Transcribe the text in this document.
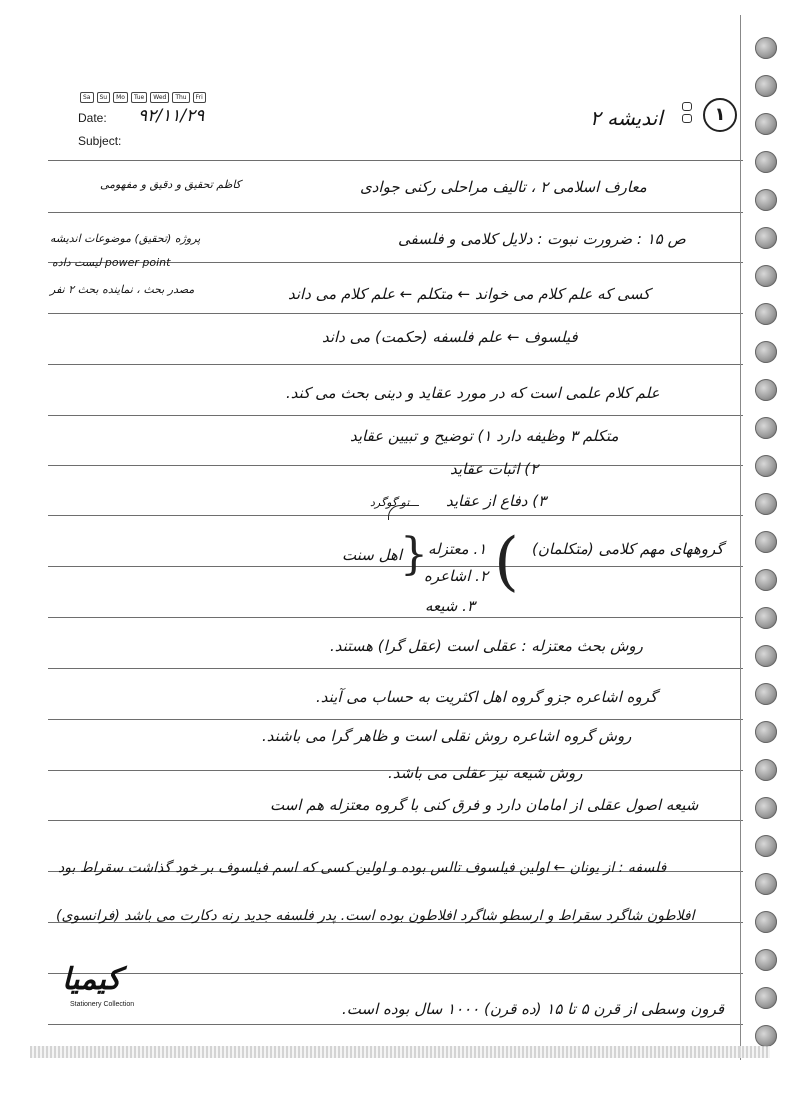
Sa	Su	Mo	Tue	Wed	Thu	Fri
Date: ۹۲/۱۱/۲۹
Subject:
اندیشه ۲	۱
معارف اسلامی ۲ ، تالیف مراحلی رکنی جوادی
کاظم تحقیق و دقیق و مفهومی
ص ۱۵ : ضرورت نبوت : دلایل کلامی و فلسفی
پروژه (تحقیق) موضوعات اندیشه
power point لیست داده
مصدر بحث ، نماینده بحث ۲ نفر	کسی که علم کلام می خواند ← متکلم ← علم کلام می داند
فیلسوف ← علم فلسفه (حکمت) می داند
علم کلام علمی است که در مورد عقاید و دینی بحث می کند.
متکلم ۳ وظیفه دارد ۱) توضیح و تبیین عقاید
۲) اثبات عقاید
۳) دفاع از عقاید
تو گوگرد
گروههای مهم کلامی (متکلمان)
(
۱. معتزله
۲. اشاعره
۳. شیعه
}
اهل سنت
روش بحث معتزله : عقلی است (عقل گرا) هستند.
گروه اشاعره جزو گروه اهل اکثریت به حساب می آیند.
روش گروه اشاعره روش نقلی است و ظاهر گرا می باشند.
روش شیعه نیز عقلی می باشد.
شیعه اصول عقلی از امامان دارد و فرق کنی با گروه معتزله هم است
فلسفه : از یونان ← اولین فیلسوف تالس بوده و اولین کسی که اسم فیلسوف بر خود گذاشت سقراط بود
افلاطون شاگرد سقراط و ارسطو شاگرد افلاطون بوده است. پدر فلسفه جدید رنه دکارت می باشد (فرانسوی)
قرون وسطی از قرن ۵ تا ۱۵ (ده قرن) ۱۰۰۰ سال بوده است.
کیمیا
Stationery Collection
